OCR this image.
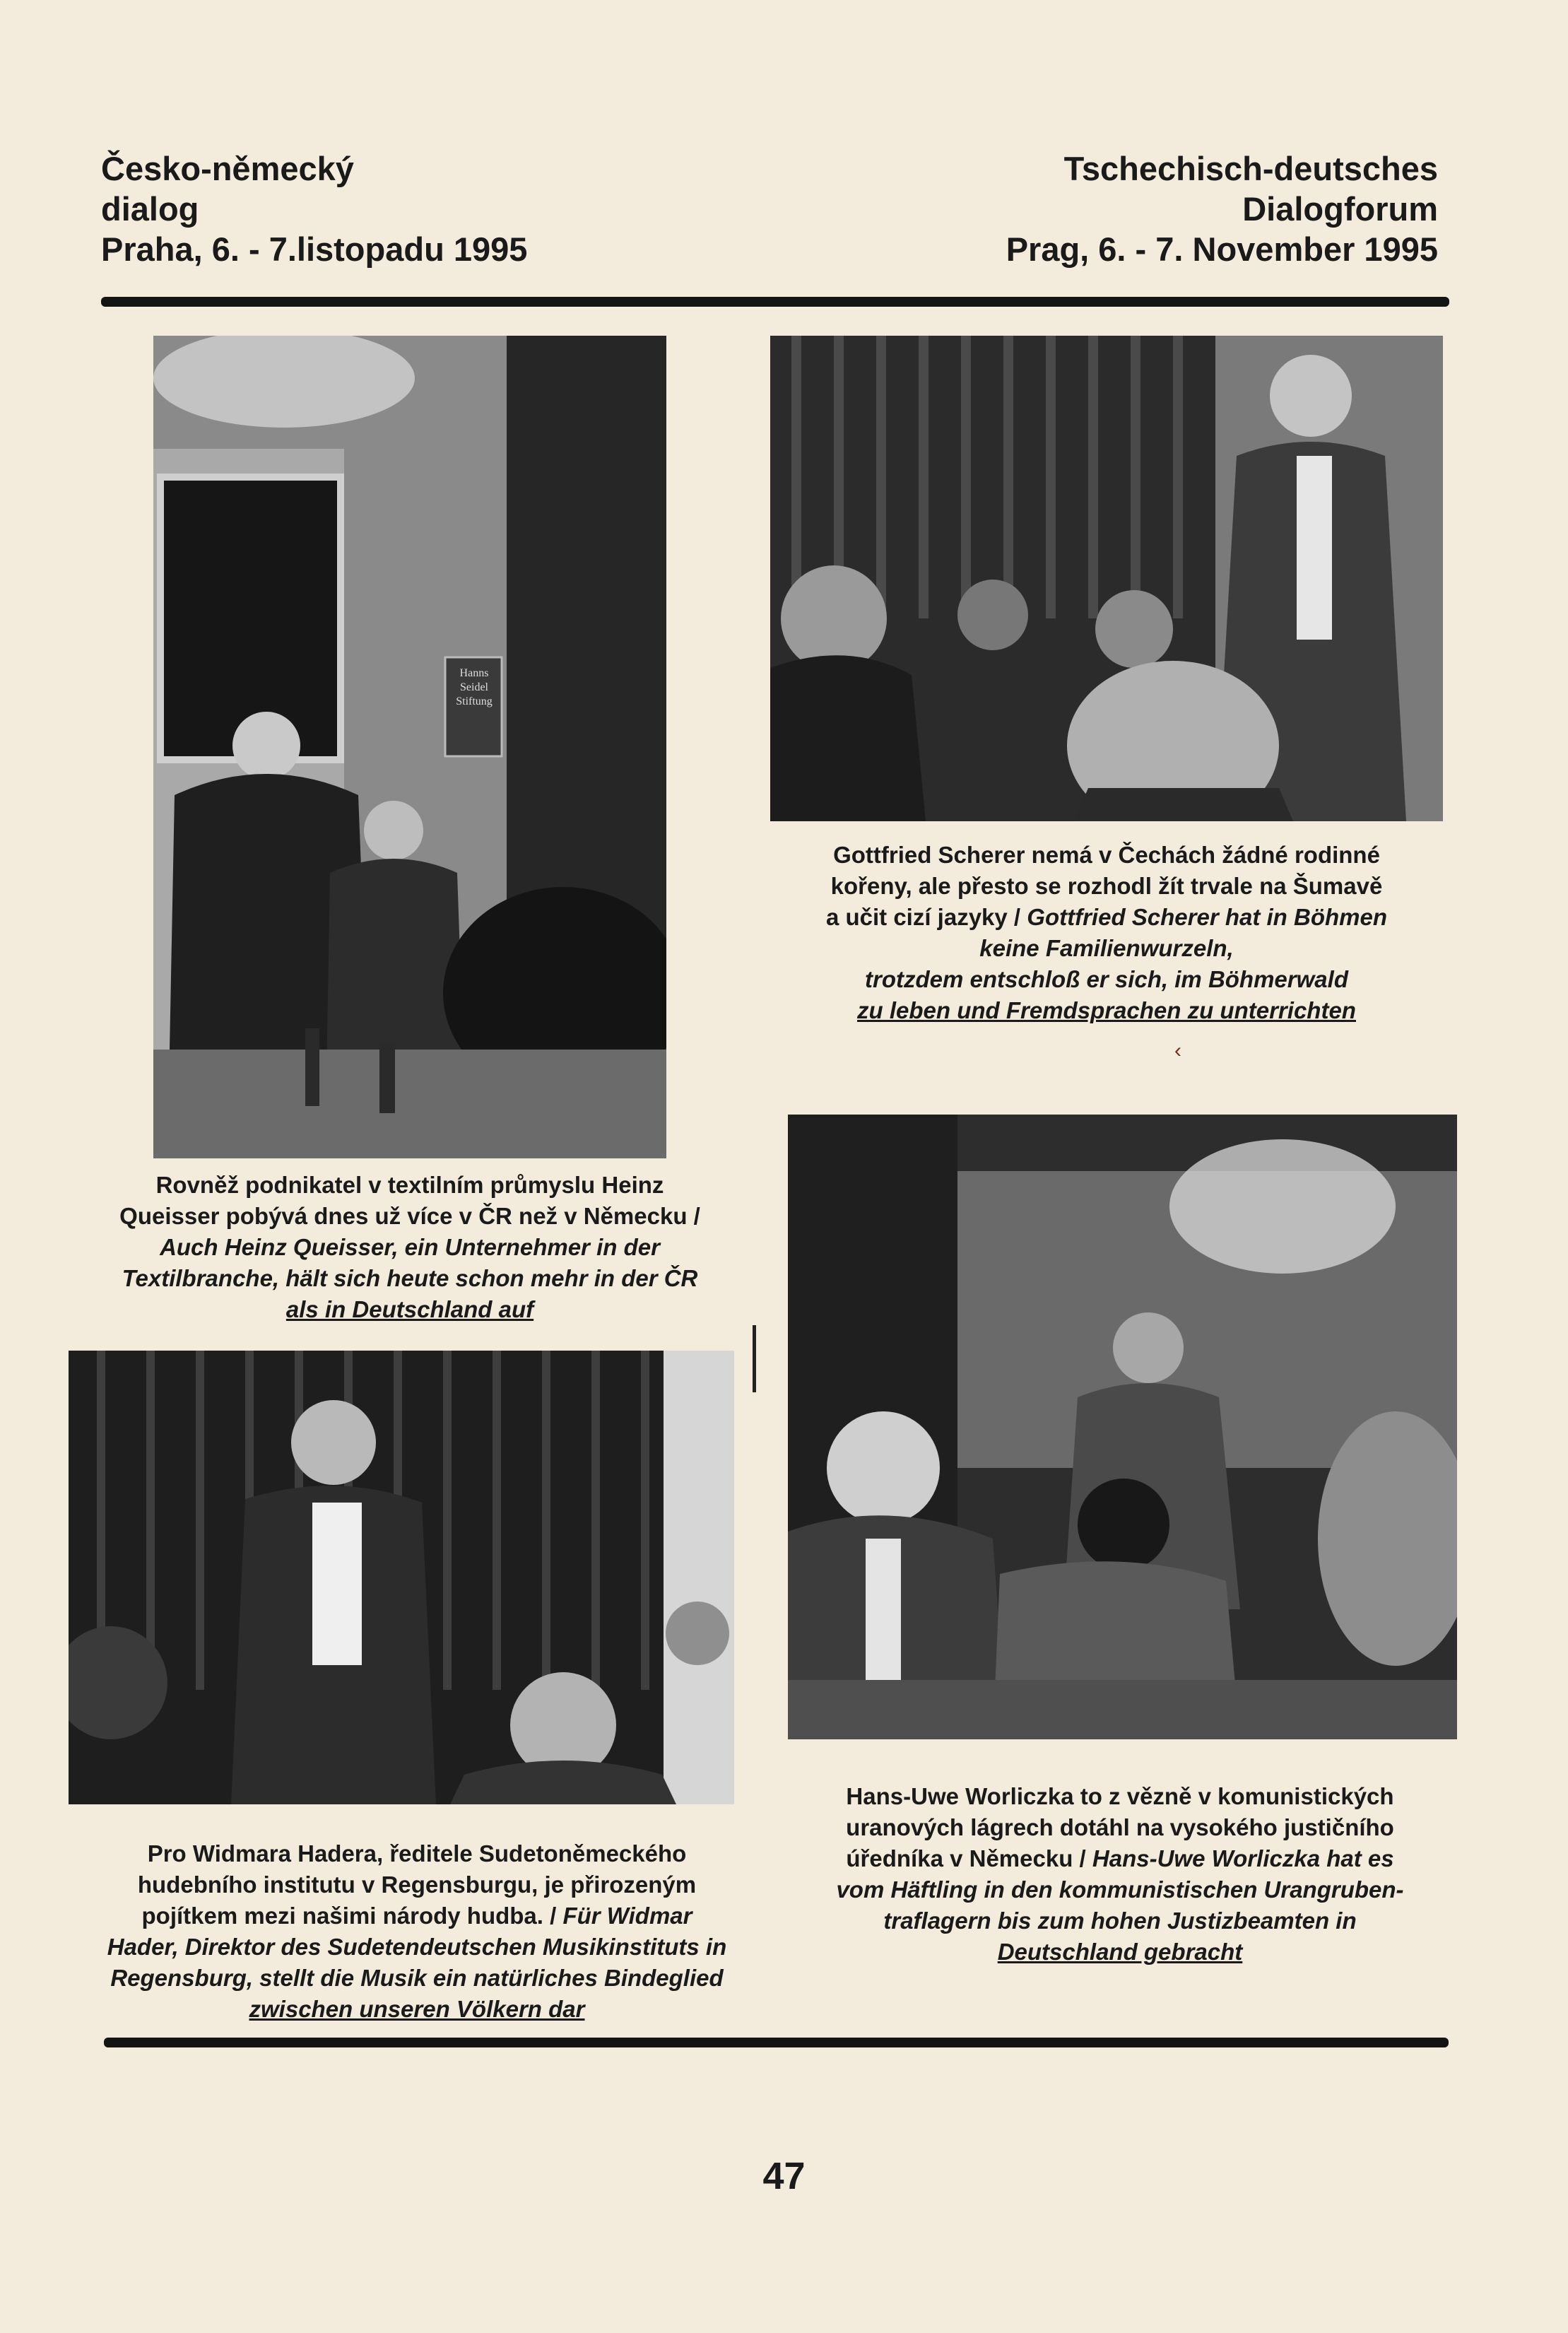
Česko-německý
dialog
Praha, 6. - 7.listopadu 1995
Tschechisch-deutsches
Dialogforum
Prag, 6. - 7. November 1995
Hanns Seidel Stiftung
Gottfried Scherer nemá v Čechách žádné rodinné
kořeny, ale přesto se rozhodl žít trvale na Šumavě
a učit cizí jazyky / Gottfried Scherer hat in Böhmen
keine Familienwurzeln,
trotzdem entschloß er sich, im Böhmerwald
zu leben und Fremdsprachen zu unterrichten
‹
Rovněž podnikatel v textilním průmyslu Heinz
Queisser pobývá dnes už více v ČR než v Německu /
Auch Heinz Queisser, ein Unternehmer in der
Textilbranche, hält sich heute schon mehr in der ČR
als in Deutschland auf
Hans-Uwe Worliczka to z vězně v komunistických
uranových lágrech dotáhl na vysokého justičního
úředníka v Německu / Hans-Uwe Worliczka hat es
vom Häftling in den kommunistischen Urangruben-
traflagern bis zum hohen Justizbeamten in
Deutschland gebracht
Pro Widmara Hadera, ředitele Sudetoněmeckého
hudebního institutu v Regensburgu, je přirozeným
pojítkem mezi našimi národy hudba. / Für Widmar
Hader, Direktor des Sudetendeutschen Musikinstituts in
Regensburg, stellt die Musik ein natürliches Bindeglied
zwischen unseren Völkern dar
47
